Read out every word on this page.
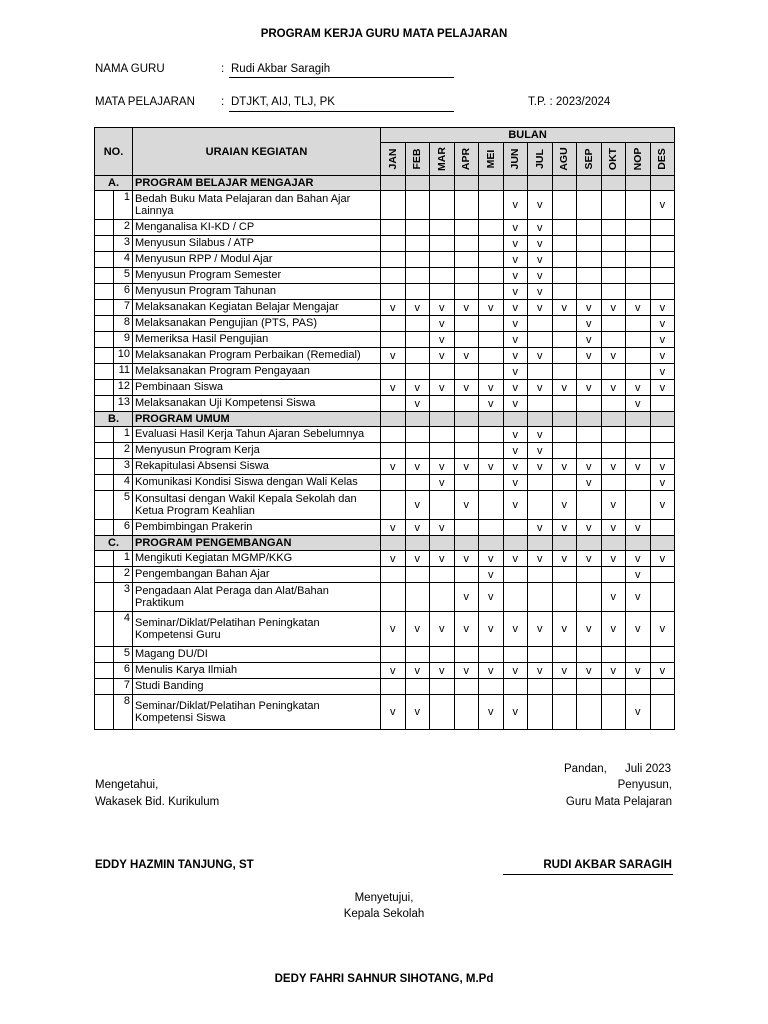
PROGRAM KERJA GURU MATA PELAJARAN
NAMA GURU	: Rudi Akbar Saragih
MATA PELAJARAN : DTJKT, AIJ, TLJ, PK	T.P. : 2023/2024
NO.		URAIAN KEGIATAN	BULAN											

			JAN	FEB	MAR	APR	MEI	JUN	JUL	AGU	SEP	OKT	NOP	DES

A.		PROGRAM BELAJAR MENGAJAR												
	1	Bedah Buku Mata Pelajaran dan Bahan Ajar Lainnya						v	v					v
	2	Menganalisa KI-KD / CP						v	v					
	3	Menyusun Silabus / ATP						v	v					
	4	Menyusun RPP / Modul Ajar						v	v					
	5	Menyusun Program Semester						v	v					
	6	Menyusun Program Tahunan						v	v					
	7	Melaksanakan Kegiatan Belajar Mengajar	v	v	v	v	v	v	v	v	v	v	v	v
	8	Melaksanakan Pengujian (PTS, PAS)			v			v			v			v
	9	Memeriksa Hasil Pengujian			v			v			v			v
	10	Melaksanakan Program Perbaikan (Remedial)	v		v	v		v	v		v	v		v
	11	Melaksanakan Program Pengayaan						v						v
	12	Pembinaan Siswa	v	v	v	v	v	v	v	v	v	v	v	v
	13	Melaksanakan Uji Kompetensi Siswa		v			v	v					v	
B.		PROGRAM UMUM												
	1	Evaluasi Hasil Kerja Tahun Ajaran Sebelumnya						v	v					
	2	Menyusun Program Kerja						v	v					
	3	Rekapitulasi Absensi Siswa	v	v	v	v	v	v	v	v	v	v	v	v
	4	Komunikasi Kondisi Siswa dengan Wali Kelas			v			v			v			v
	5	Konsultasi dengan Wakil Kepala Sekolah dan Ketua Program Keahlian		v		v		v		v		v		v
	6	Pembimbingan Prakerin	v	v	v				v	v	v	v	v	
C.		PROGRAM PENGEMBANGAN												
	1	Mengikuti Kegiatan MGMP/KKG	v	v	v	v	v	v	v	v	v	v	v	v
	2	Pengembangan Bahan Ajar					v						v	
	3	Pengadaan Alat Peraga dan Alat/Bahan Praktikum				v	v					v	v	
	4	Seminar/Diklat/Pelatihan Peningkatan Kompetensi Guru	v	v	v	v	v	v	v	v	v	v	v	v
	5	Magang DU/DI												
	6	Menulis Karya Ilmiah	v	v	v	v	v	v	v	v	v	v	v	v
	7	Studi Banding												
	8	Seminar/Diklat/Pelatihan Peningkatan Kompetensi Siswa	v	v			v	v					v	
Pandan, Juli 2023
Mengetahui,	Penyusun,
Wakasek Bid. Kurikulum	Guru Mata Pelajaran
EDDY HAZMIN TANJUNG, ST	RUDI AKBAR SARAGIH
Menyetujui,
Kepala Sekolah
DEDY FAHRI SAHNUR SIHOTANG, M.Pd
